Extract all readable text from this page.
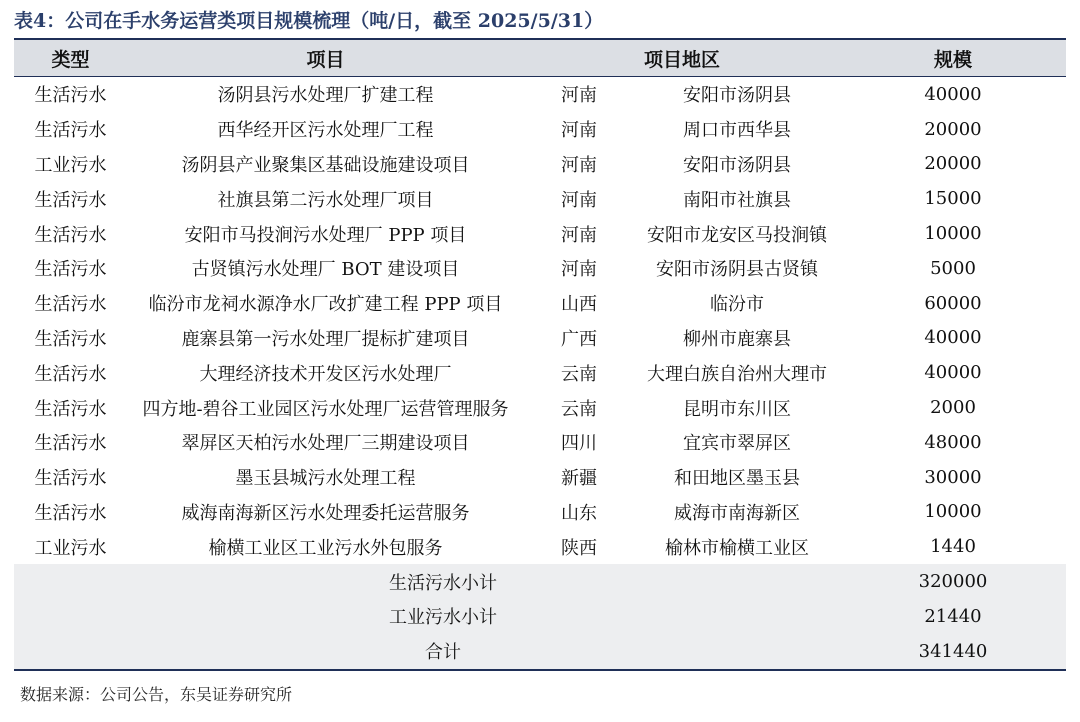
表4：公司在手水务运营类项目规模梳理（吨/日，截至 2025/5/31）
类型	项目	项目地区	规模
生活污水	汤阴县污水处理厂扩建工程	河南	安阳市汤阴县	40000
生活污水	西华经开区污水处理厂工程	河南	周口市西华县	20000
工业污水	汤阴县产业聚集区基础设施建设项目	河南	安阳市汤阴县	20000
生活污水	社旗县第二污水处理厂项目	河南	南阳市社旗县	15000
生活污水	安阳市马投涧污水处理厂 PPP 项目	河南	安阳市龙安区马投涧镇	10000
生活污水	古贤镇污水处理厂 BOT 建设项目	河南	安阳市汤阴县古贤镇	5000
生活污水	临汾市龙祠水源净水厂改扩建工程 PPP 项目	山西	临汾市	60000
生活污水	鹿寨县第一污水处理厂提标扩建项目	广西	柳州市鹿寨县	40000
生活污水	大理经济技术开发区污水处理厂	云南	大理白族自治州大理市	40000
生活污水	四方地-碧谷工业园区污水处理厂运营管理服务	云南	昆明市东川区	2000
生活污水	翠屏区天柏污水处理厂三期建设项目	四川	宜宾市翠屏区	48000
生活污水	墨玉县城污水处理工程	新疆	和田地区墨玉县	30000
生活污水	威海南海新区污水处理委托运营服务	山东	威海市南海新区	10000
工业污水	榆横工业区工业污水外包服务	陕西	榆林市榆横工业区	1440
生活污水小计	320000
工业污水小计	21440
合计	341440
数据来源：公司公告，东吴证券研究所
